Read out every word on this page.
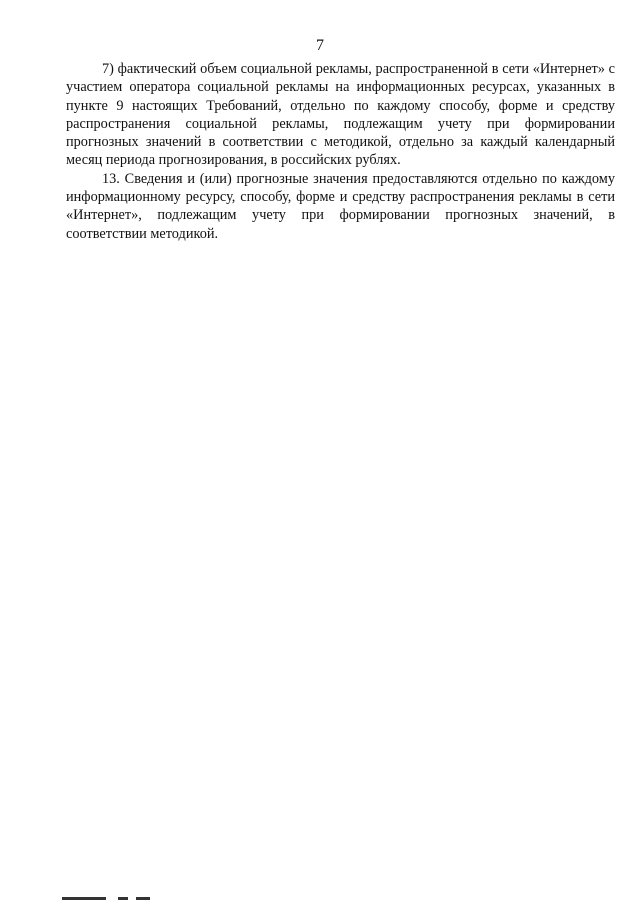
7

7) фактический объем социальной рекламы, распространенной в сети «Интернет» с участием оператора социальной рекламы на информационных ресурсах, указанных в пункте 9 настоящих Требований, отдельно по каждому способу, форме и средству распространения социальной рекламы, подлежащим учету при формировании прогнозных значений в соответствии с методикой, отдельно за каждый календарный месяц периода прогнозирования, в российских рублях.

13. Сведения и (или) прогнозные значения предоставляются отдельно по каждому информационному ресурсу, способу, форме и средству распространения рекламы в сети «Интернет», подлежащим учету при формировании прогнозных значений, в соответствии методикой.
